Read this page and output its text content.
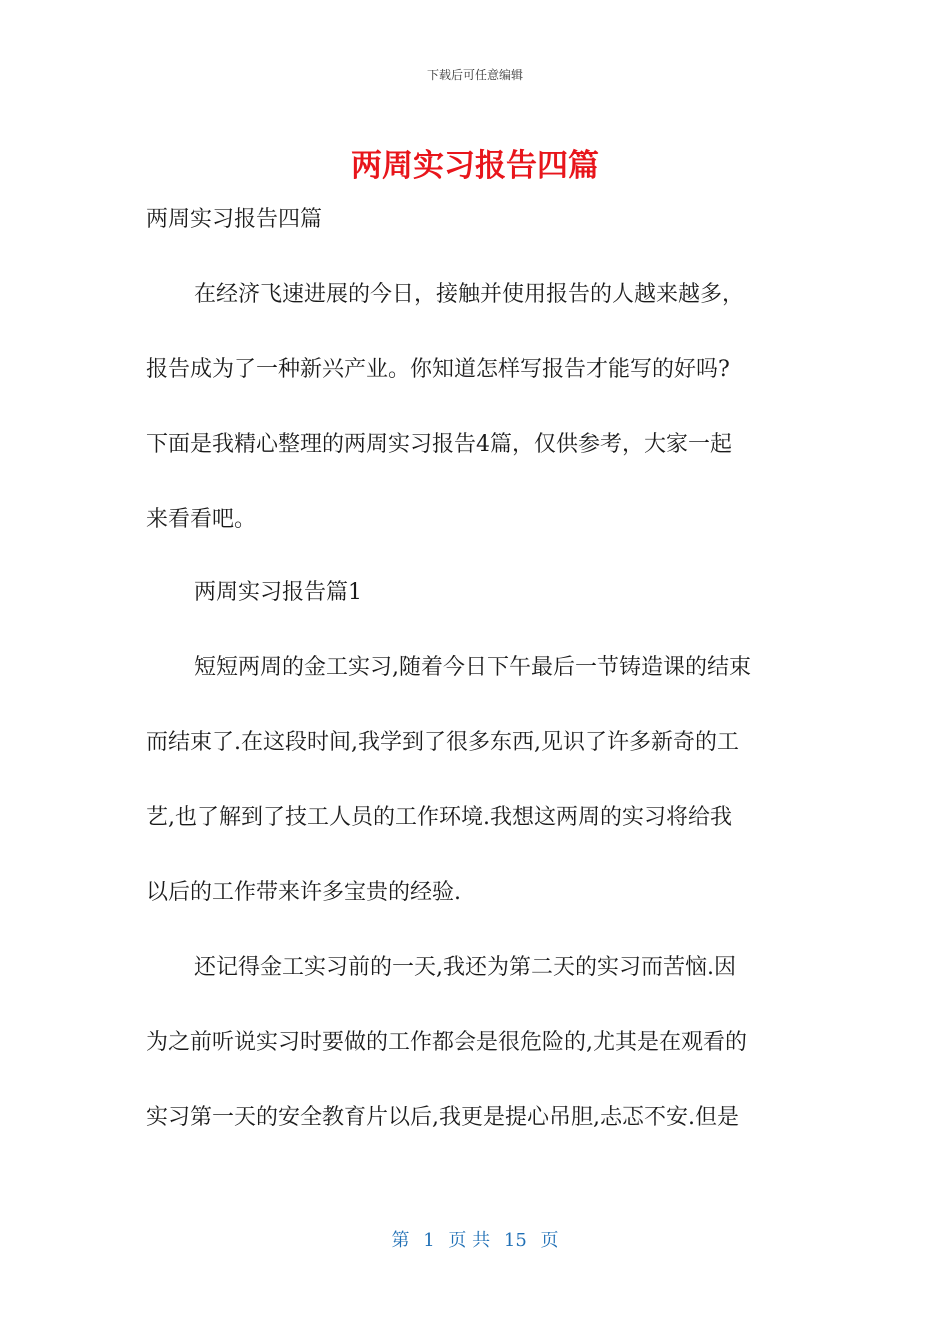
下载后可任意编辑
两周实习报告四篇
两周实习报告四篇
在经济飞速进展的今日，接触并使用报告的人越来越多，
报告成为了一种新兴产业。你知道怎样写报告才能写的好吗?
下面是我精心整理的两周实习报告4篇，仅供参考，大家一起
来看看吧。
两周实习报告篇1
短短两周的金工实习,随着今日下午最后一节铸造课的结束
而结束了.在这段时间,我学到了很多东西,见识了许多新奇的工
艺,也了解到了技工人员的工作环境.我想这两周的实习将给我
以后的工作带来许多宝贵的经验.
还记得金工实习前的一天,我还为第二天的实习而苦恼.因
为之前听说实习时要做的工作都会是很危险的,尤其是在观看的
实习第一天的安全教育片以后,我更是提心吊胆,忐忑不安.但是
第 1 页 共 15 页
